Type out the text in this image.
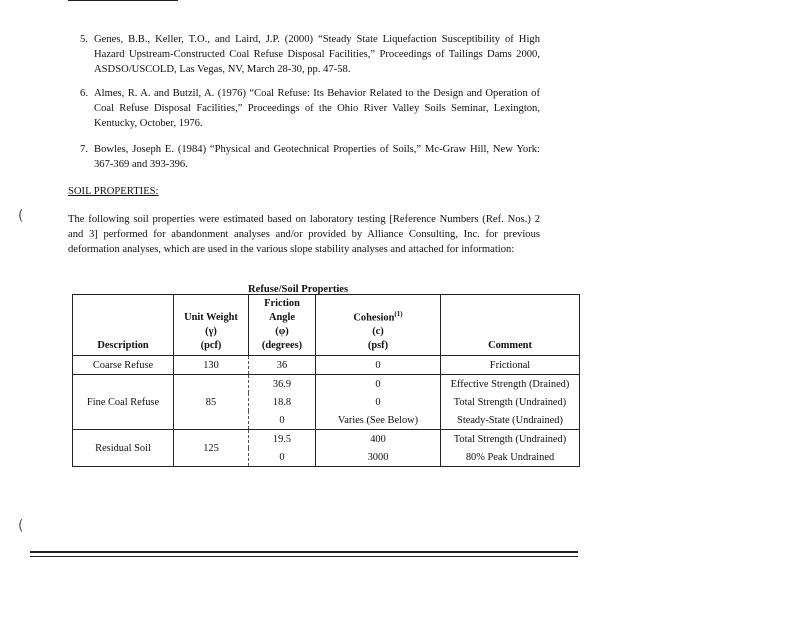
(
(
5. Genes, B.B., Keller, T.O., and Laird, J.P. (2000) “Steady State Liquefaction Susceptibility of High Hazard Upstream-Constructed Coal Refuse Disposal Facilities,” Proceedings of Tailings Dams 2000, ASDSO/USCOLD, Las Vegas, NV, March 28-30, pp. 47-58.
6. Almes, R. A. and Butzil, A. (1976) “Coal Refuse: Its Behavior Related to the Design and Operation of Coal Refuse Disposal Facilities,” Proceedings of the Ohio River Valley Soils Seminar, Lexington, Kentucky, October, 1976.
7. Bowles, Joseph E. (1984) “Physical and Geotechnical Properties of Soils,” Mc-Graw Hill, New York: 367-369 and 393-396.
SOIL PROPERTIES:
The following soil properties were estimated based on laboratory testing [Reference Numbers (Ref. Nos.) 2 and 3] performed for abandonment analyses and/or provided by Alliance Consulting, Inc. for previous deformation analyses, which are used in the various slope stability analyses and attached for information:
Refuse/Soil Properties
Description	Unit Weight
(γ)
(pcf)	Friction
Angle
(φ)
(degrees)	Cohesion$^{(1)}$
(c)
(psf)	Comment
Coarse Refuse	130	36	0	Frictional
Fine Coal Refuse	85	36.9	0	Effective Strength (Drained)
		18.8	0	Total Strength (Undrained)
		0	Varies (See Below)	Steady-State (Undrained)
Residual Soil	125	19.5	400	Total Strength (Undrained)
		0	3000	80% Peak Undrained
